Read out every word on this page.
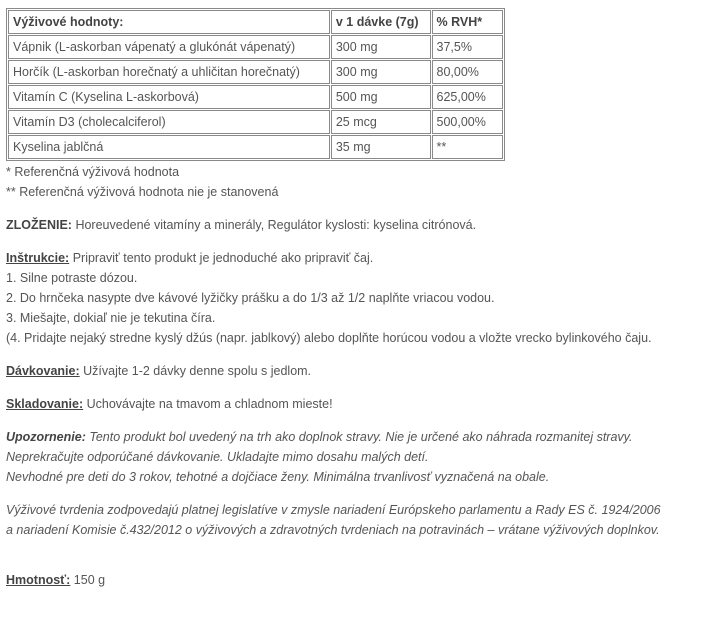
Výživové hodnoty:	v 1 dávke (7g)	% RVH*
Vápnik (L-askorban vápenatý a glukónát vápenatý)	300 mg	37,5%
Horčík (L-askorban horečnatý a uhličitan horečnatý)	300 mg	80,00%
Vitamín C (Kyselina L-askorbová)	500 mg	625,00%
Vitamín D3 (cholecalciferol)	25 mcg	500,00%
Kyselina jablčná	35 mg	**
* Referenčná výživová hodnota
** Referenčná výživová hodnota nie je stanovená
ZLOŽENIE: Horeuvedené vitamíny a minerály, Regulátor kyslosti: kyselina citrónová.
Inštrukcie: Pripraviť tento produkt je jednoduché ako pripraviť čaj.
1. Silne potraste dózou.
2. Do hrnčeka nasypte dve kávové lyžičky prášku a do 1/3 až 1/2 naplňte vriacou vodou.
3. Miešajte, dokiaľ nie je tekutina číra.
(4. Pridajte nejaký stredne kyslý džús (napr. jablkový) alebo doplňte horúcou vodou a vložte vrecko bylinkového čaju.
Dávkovanie: Užívajte 1-2 dávky denne spolu s jedlom.
Skladovanie: Uchovávajte na tmavom a chladnom mieste!
Upozornenie: Tento produkt bol uvedený na trh ako doplnok stravy. Nie je určené ako náhrada rozmanitej stravy.
Neprekračujte odporúčané dávkovanie. Ukladajte mimo dosahu malých detí.
Nevhodné pre deti do 3 rokov, tehotné a dojčiace ženy. Minimálna trvanlivosť vyznačená na obale.
Výživové tvrdenia zodpovedajú platnej legislatíve v zmysle nariadení Európskeho parlamentu a Rady ES č. 1924/2006
a nariadení Komisie č.432/2012 o výživových a zdravotných tvrdeniach na potravinách – vrátane výživových doplnkov.
Hmotnosť: 150 g
